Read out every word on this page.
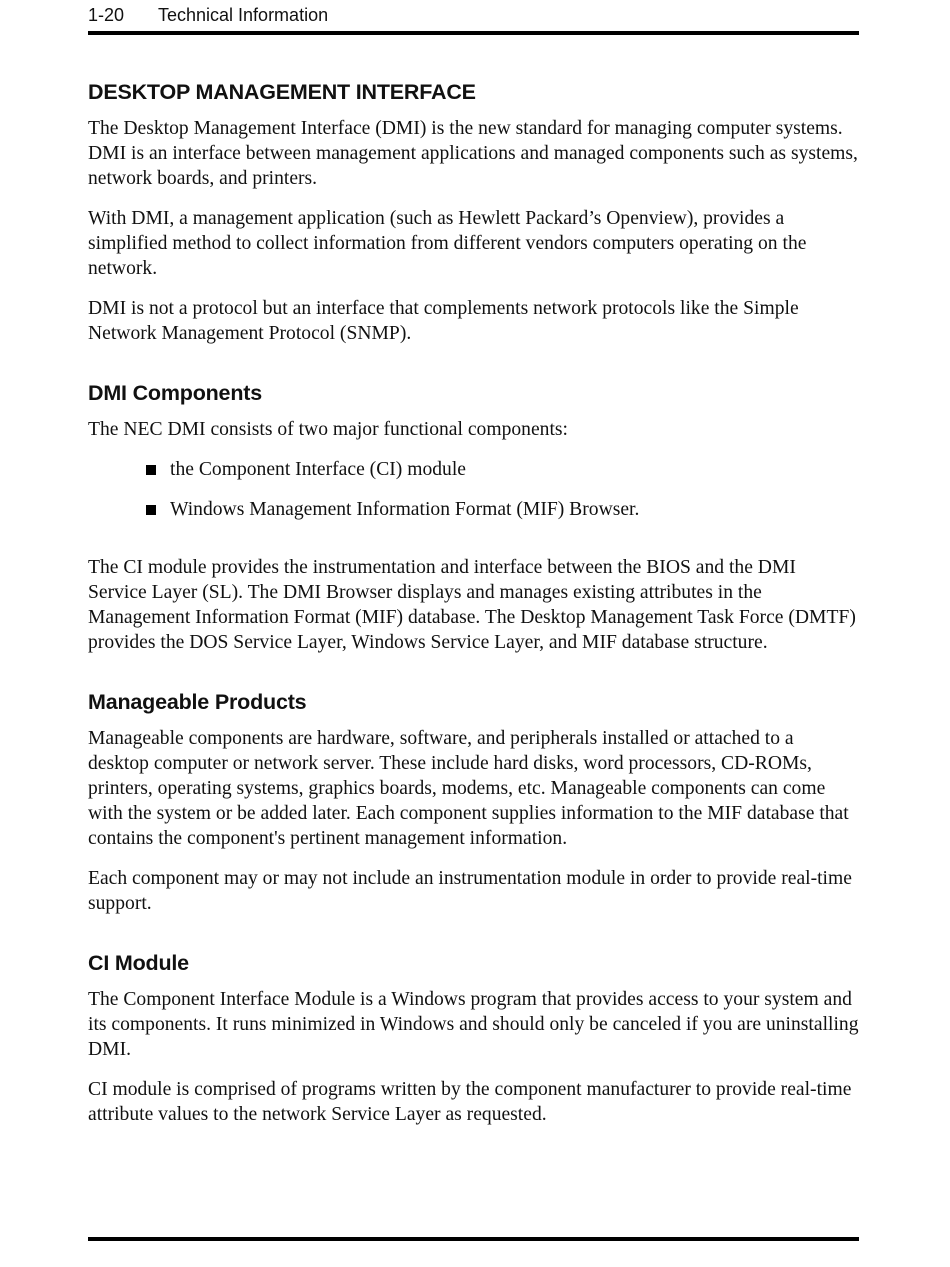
1-20 Technical Information
DESKTOP MANAGEMENT INTERFACE

The Desktop Management Interface (DMI) is the new standard for managing computer systems. DMI is an interface between management applications and managed components such as systems, network boards, and printers.

With DMI, a management application (such as Hewlett Packard’s Openview), provides a simplified method to collect information from different vendors computers operating on the network.

DMI is not a protocol but an interface that complements network protocols like the Simple Network Management Protocol (SNMP).

DMI Components

The NEC DMI consists of two major functional components:

the Component Interface (CI) module
Windows Management Information Format (MIF) Browser.

The CI module provides the instrumentation and interface between the BIOS and the DMI Service Layer (SL). The DMI Browser displays and manages existing attributes in the Management Information Format (MIF) database. The Desktop Management Task Force (DMTF) provides the DOS Service Layer, Windows Service Layer, and MIF database structure.

Manageable Products

Manageable components are hardware, software, and peripherals installed or attached to a desktop computer or network server. These include hard disks, word processors, CD-ROMs, printers, operating systems, graphics boards, modems, etc. Manageable components can come with the system or be added later. Each component supplies information to the MIF database that contains the component's pertinent management information.

Each component may or may not include an instrumentation module in order to provide real-time support.

CI Module

The Component Interface Module is a Windows program that provides access to your system and its components. It runs minimized in Windows and should only be canceled if you are uninstalling DMI.

CI module is comprised of programs written by the component manufacturer to provide real-time attribute values to the network Service Layer as requested.
